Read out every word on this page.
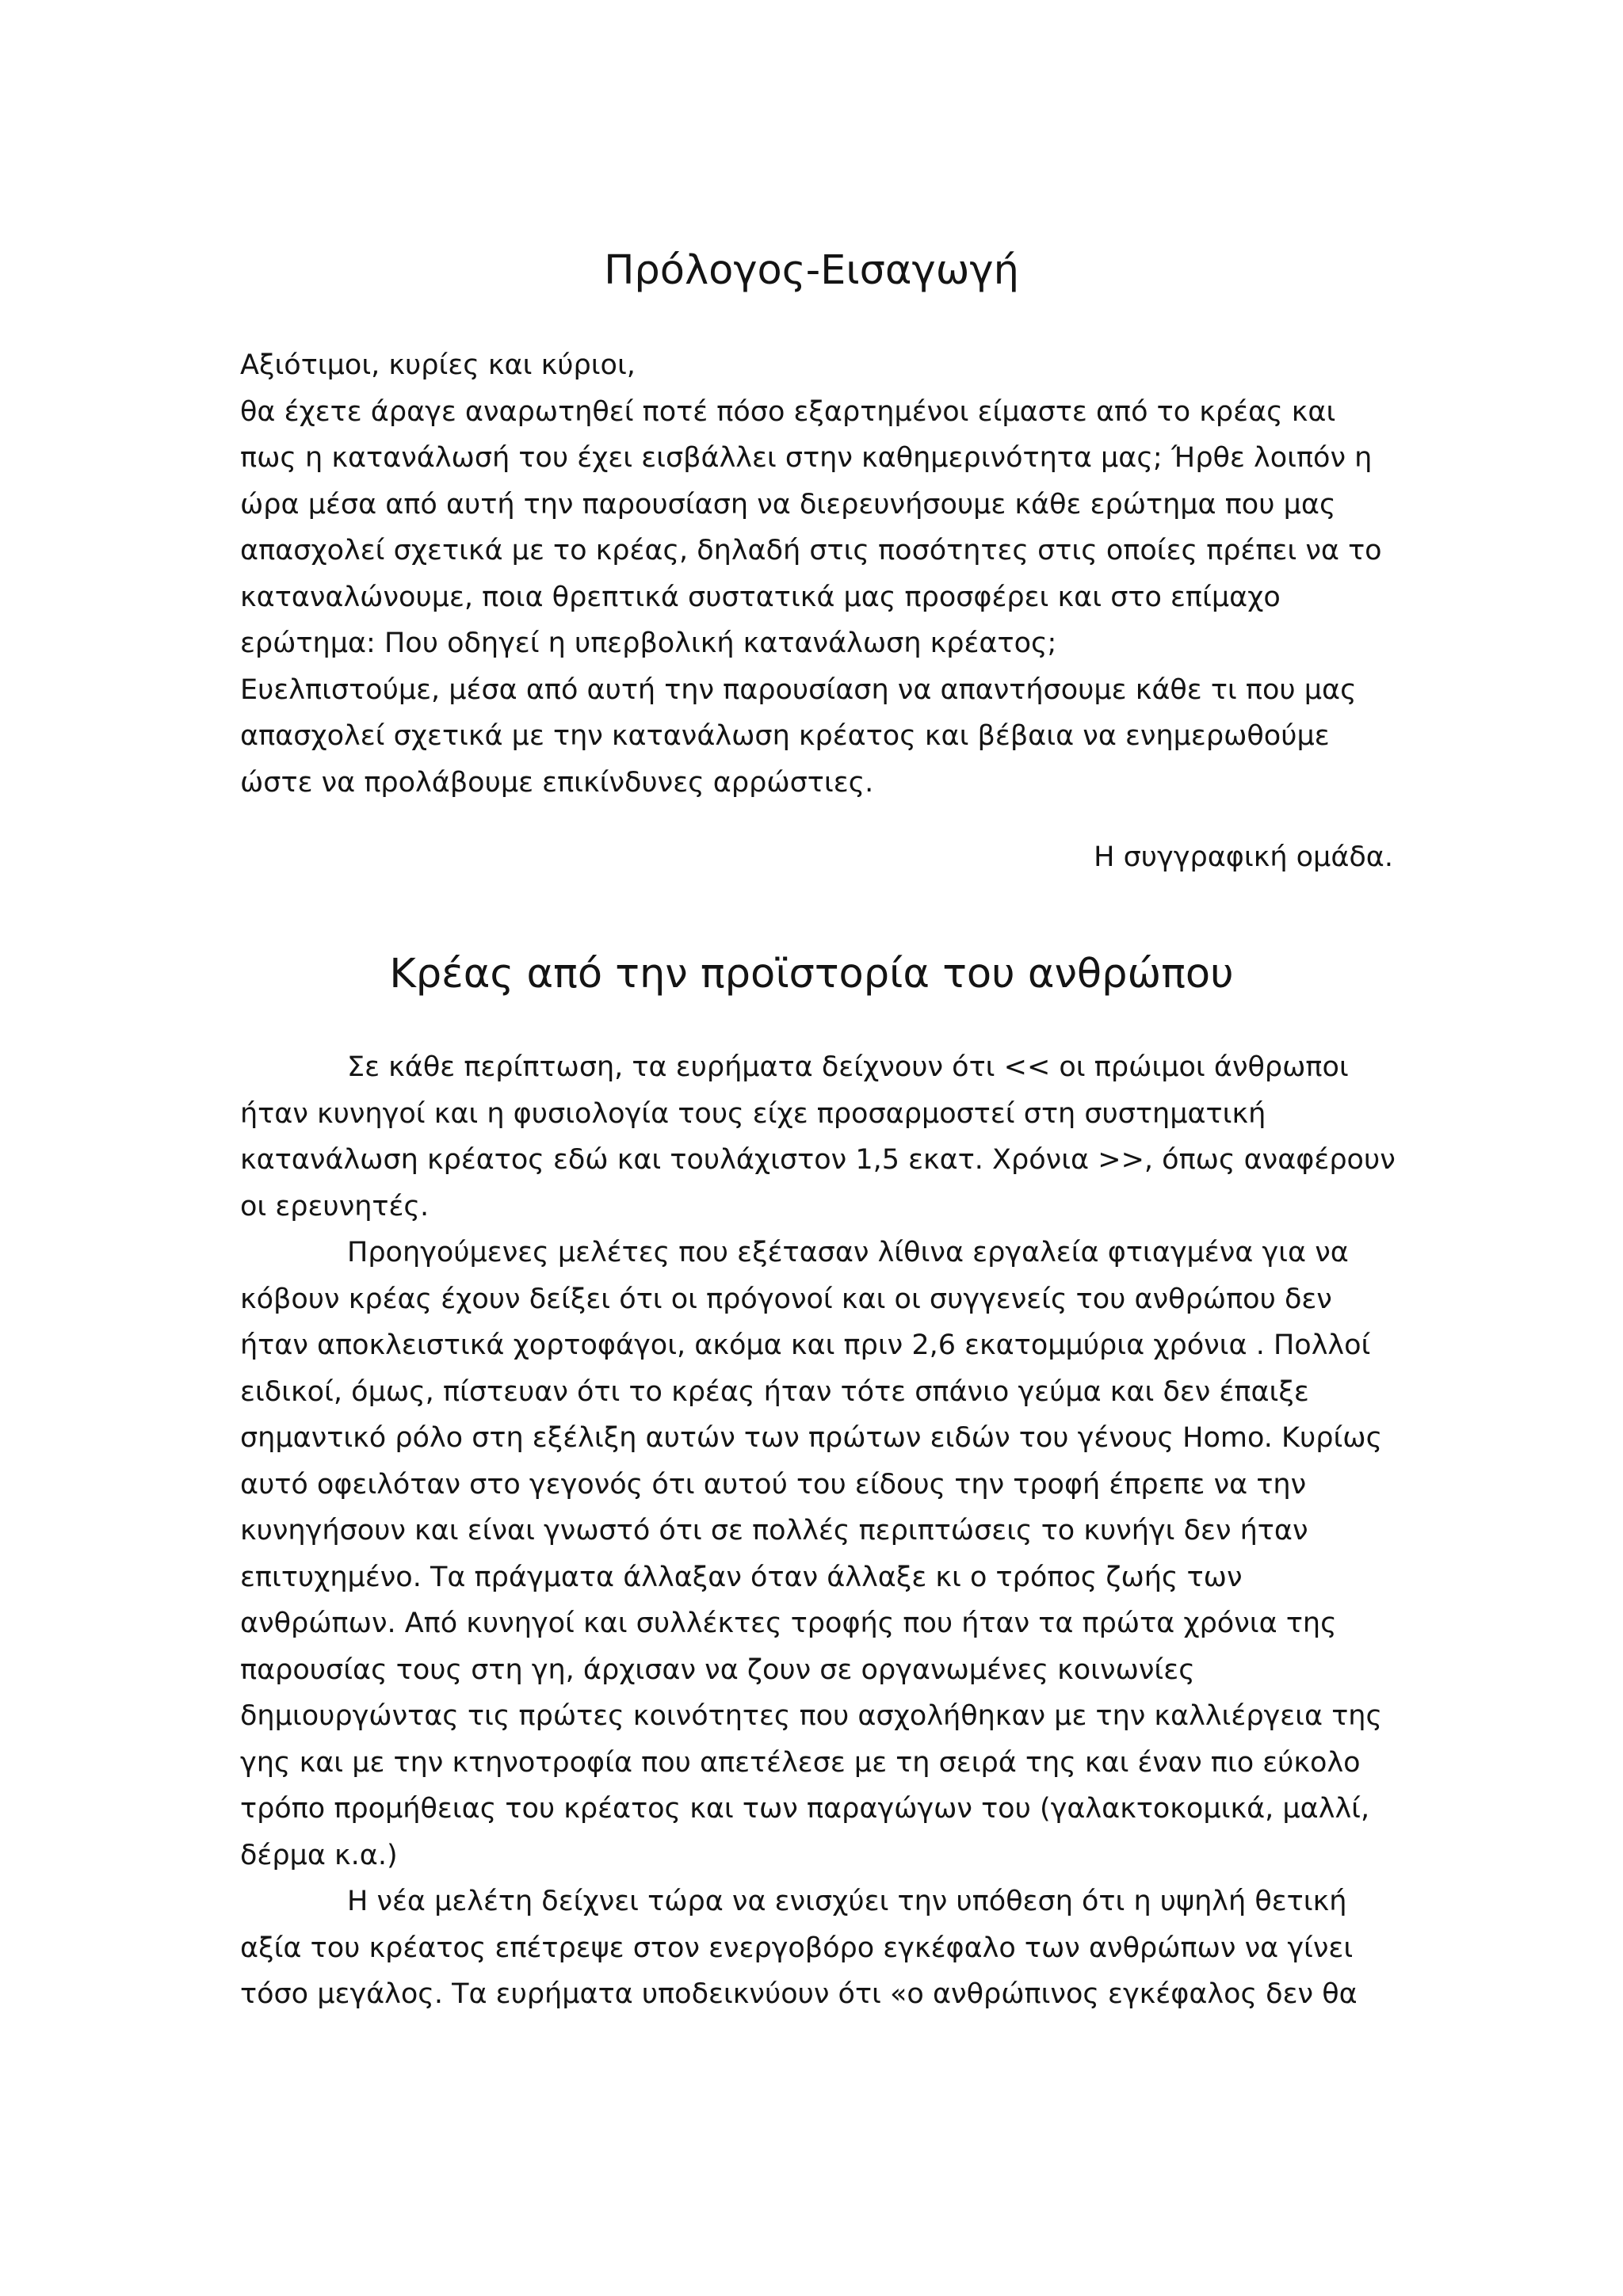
Πρόλογος-Εισαγωγή
Αξιότιμοι, κυρίες και κύριοι,
θα έχετε άραγε αναρωτηθεί ποτέ πόσο εξαρτημένοι είμαστε από το κρέας και
πως η κατανάλωσή του έχει εισβάλλει στην καθημερινότητα μας; Ήρθε λοιπόν η
ώρα μέσα από αυτή την παρουσίαση να διερευνήσουμε κάθε ερώτημα που μας
απασχολεί σχετικά με το κρέας, δηλαδή στις ποσότητες στις οποίες πρέπει να το
καταναλώνουμε, ποια θρεπτικά συστατικά μας προσφέρει και στο επίμαχο
ερώτημα: Που οδηγεί η υπερβολική κατανάλωση κρέατος;
Ευελπιστούμε, μέσα από αυτή την παρουσίαση να απαντήσουμε κάθε τι που μας
απασχολεί σχετικά με την κατανάλωση κρέατος και βέβαια να ενημερωθούμε
ώστε να προλάβουμε επικίνδυνες αρρώστιες.
Η συγγραφική ομάδα.
Κρέας από την προϊστορία του ανθρώπου
Σε κάθε περίπτωση, τα ευρήματα δείχνουν ότι << οι πρώιμοι άνθρωποι
ήταν κυνηγοί και η φυσιολογία τους είχε προσαρμοστεί στη συστηματική
κατανάλωση κρέατος εδώ και τουλάχιστον 1,5 εκατ. Χρόνια >>, όπως αναφέρουν
οι ερευνητές.
Προηγούμενες μελέτες που εξέτασαν λίθινα εργαλεία φτιαγμένα για να
κόβουν κρέας έχουν δείξει ότι οι πρόγονοί και οι συγγενείς του ανθρώπου δεν
ήταν αποκλειστικά χορτοφάγοι, ακόμα και πριν 2,6 εκατομμύρια χρόνια . Πολλοί
ειδικοί, όμως, πίστευαν ότι το κρέας ήταν τότε σπάνιο γεύμα και δεν έπαιξε
σημαντικό ρόλο στη εξέλιξη αυτών των πρώτων ειδών του γένους Homo. Κυρίως
αυτό οφειλόταν στο γεγονός ότι αυτού του είδους την τροφή έπρεπε να την
κυνηγήσουν και είναι γνωστό ότι σε πολλές περιπτώσεις το κυνήγι δεν ήταν
επιτυχημένο. Τα πράγματα άλλαξαν όταν άλλαξε κι ο τρόπος ζωής των
ανθρώπων. Από κυνηγοί και συλλέκτες τροφής που ήταν τα πρώτα χρόνια της
παρουσίας τους στη γη, άρχισαν να ζουν σε οργανωμένες κοινωνίες
δημιουργώντας τις πρώτες κοινότητες που ασχολήθηκαν με την καλλιέργεια της
γης και με την κτηνοτροφία που απετέλεσε με τη σειρά της και έναν πιο εύκολο
τρόπο προμήθειας του κρέατος και των παραγώγων του (γαλακτοκομικά, μαλλί,
δέρμα κ.α.)
Η νέα μελέτη δείχνει τώρα να ενισχύει την υπόθεση ότι η υψηλή θετική
αξία του κρέατος επέτρεψε στον ενεργοβόρο εγκέφαλο των ανθρώπων να γίνει
τόσο μεγάλος. Τα ευρήματα υποδεικνύουν ότι «ο ανθρώπινος εγκέφαλος δεν θα
